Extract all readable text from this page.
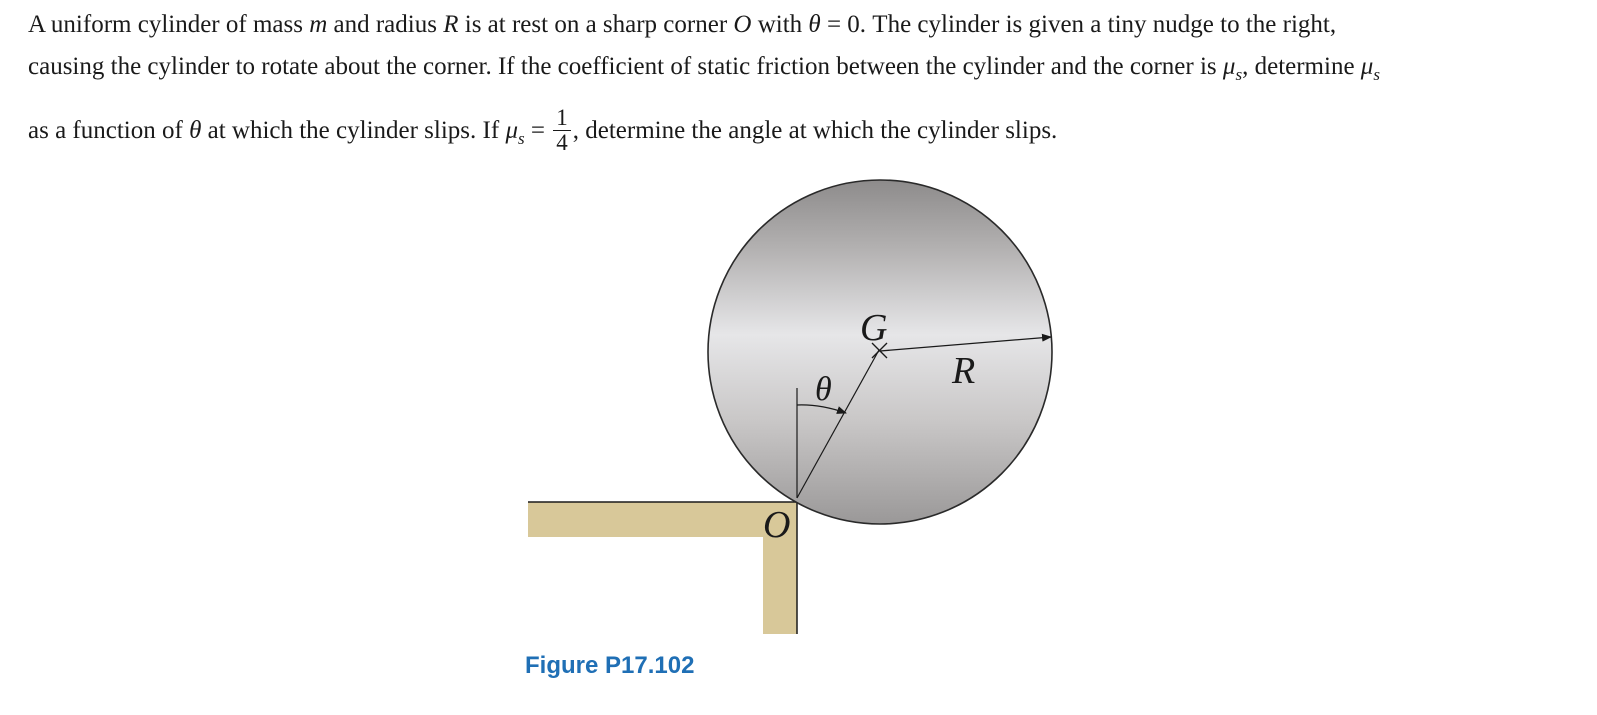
A uniform cylinder of mass m and radius R is at rest on a sharp corner O with θ = 0. The cylinder is given a tiny nudge to the right,
causing the cylinder to rotate about the corner. If the coefficient of static friction between the cylinder and the corner is $\mu_s$, determine $\mu_s$
as a function of θ at which the cylinder slips. If $\mu_s = \frac{1}{4}$ , determine the angle at which the cylinder slips.
G
R
θ
O
Figure P17.102
